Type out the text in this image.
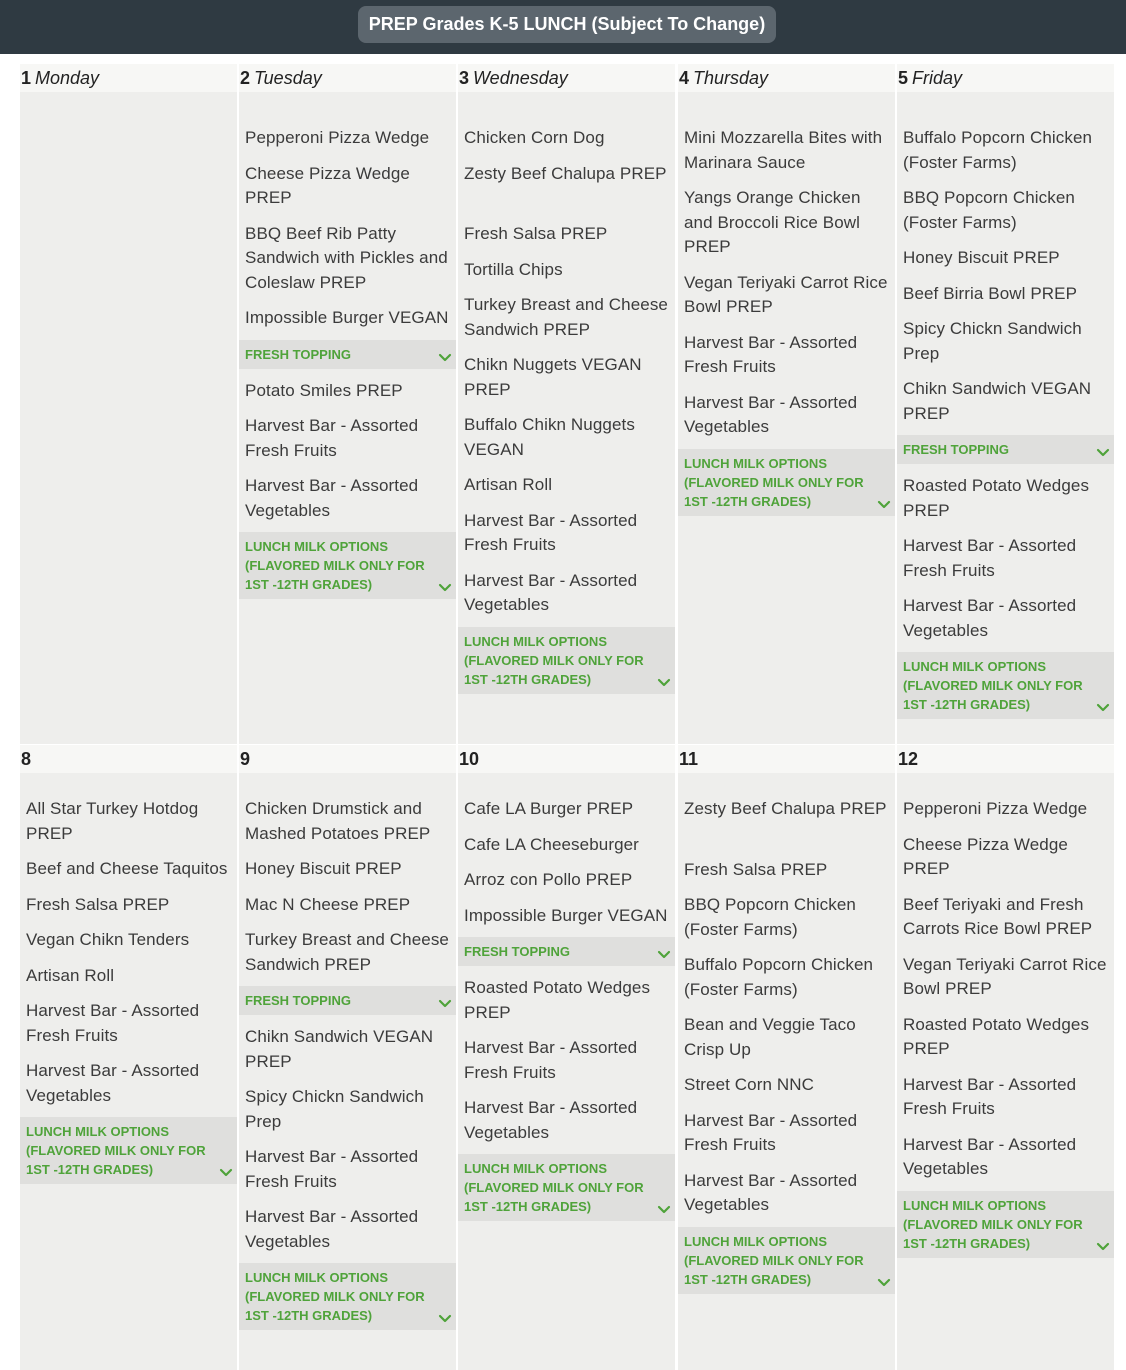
PREP Grades K-5 LUNCH (Subject To Change)
1 Monday	2 Tuesday
Pepperoni Pizza Wedge
Cheese Pizza Wedge PREP
BBQ Beef Rib Patty Sandwich with Pickles and Coleslaw PREP
Impossible Burger VEGAN
FRESH TOPPING
Potato Smiles PREP
Harvest Bar - Assorted Fresh Fruits
Harvest Bar - Assorted Vegetables
LUNCH MILK OPTIONS (FLAVORED MILK ONLY FOR 1ST -12TH GRADES)
3 Wednesday
Chicken Corn Dog
Zesty Beef Chalupa PREP
Fresh Salsa PREP
Tortilla Chips
Turkey Breast and Cheese Sandwich PREP
Chikn Nuggets VEGAN PREP
Buffalo Chikn Nuggets VEGAN
Artisan Roll
Harvest Bar - Assorted Fresh Fruits
Harvest Bar - Assorted Vegetables
LUNCH MILK OPTIONS (FLAVORED MILK ONLY FOR 1ST -12TH GRADES)
4 Thursday
Mini Mozzarella Bites with Marinara Sauce
Yangs Orange Chicken and Broccoli Rice Bowl PREP
Vegan Teriyaki Carrot Rice Bowl PREP
Harvest Bar - Assorted Fresh Fruits
Harvest Bar - Assorted Vegetables
LUNCH MILK OPTIONS (FLAVORED MILK ONLY FOR 1ST -12TH GRADES)
5 Friday
Buffalo Popcorn Chicken (Foster Farms)
BBQ Popcorn Chicken (Foster Farms)
Honey Biscuit PREP
Beef Birria Bowl PREP
Spicy Chickn Sandwich Prep
Chikn Sandwich VEGAN PREP
FRESH TOPPING
Roasted Potato Wedges PREP
Harvest Bar - Assorted Fresh Fruits
Harvest Bar - Assorted Vegetables
LUNCH MILK OPTIONS (FLAVORED MILK ONLY FOR 1ST -12TH GRADES)
8
All Star Turkey Hotdog PREP
Beef and Cheese Taquitos
Fresh Salsa PREP
Vegan Chikn Tenders
Artisan Roll
Harvest Bar - Assorted Fresh Fruits
Harvest Bar - Assorted Vegetables
LUNCH MILK OPTIONS (FLAVORED MILK ONLY FOR 1ST -12TH GRADES)
9
Chicken Drumstick and Mashed Potatoes PREP
Honey Biscuit PREP
Mac N Cheese PREP
Turkey Breast and Cheese Sandwich PREP
FRESH TOPPING
Chikn Sandwich VEGAN PREP
Spicy Chickn Sandwich Prep
Harvest Bar - Assorted Fresh Fruits
Harvest Bar - Assorted Vegetables
LUNCH MILK OPTIONS (FLAVORED MILK ONLY FOR 1ST -12TH GRADES)
10
Cafe LA Burger PREP
Cafe LA Cheeseburger
Arroz con Pollo PREP
Impossible Burger VEGAN
FRESH TOPPING
Roasted Potato Wedges PREP
Harvest Bar - Assorted Fresh Fruits
Harvest Bar - Assorted Vegetables
LUNCH MILK OPTIONS (FLAVORED MILK ONLY FOR 1ST -12TH GRADES)
11
Zesty Beef Chalupa PREP
Fresh Salsa PREP
BBQ Popcorn Chicken (Foster Farms)
Buffalo Popcorn Chicken (Foster Farms)
Bean and Veggie Taco Crisp Up
Street Corn NNC
Harvest Bar - Assorted Fresh Fruits
Harvest Bar - Assorted Vegetables
LUNCH MILK OPTIONS (FLAVORED MILK ONLY FOR 1ST -12TH GRADES)
12
Pepperoni Pizza Wedge
Cheese Pizza Wedge PREP
Beef Teriyaki and Fresh Carrots Rice Bowl PREP
Vegan Teriyaki Carrot Rice Bowl PREP
Roasted Potato Wedges PREP
Harvest Bar - Assorted Fresh Fruits
Harvest Bar - Assorted Vegetables
LUNCH MILK OPTIONS (FLAVORED MILK ONLY FOR 1ST -12TH GRADES)
